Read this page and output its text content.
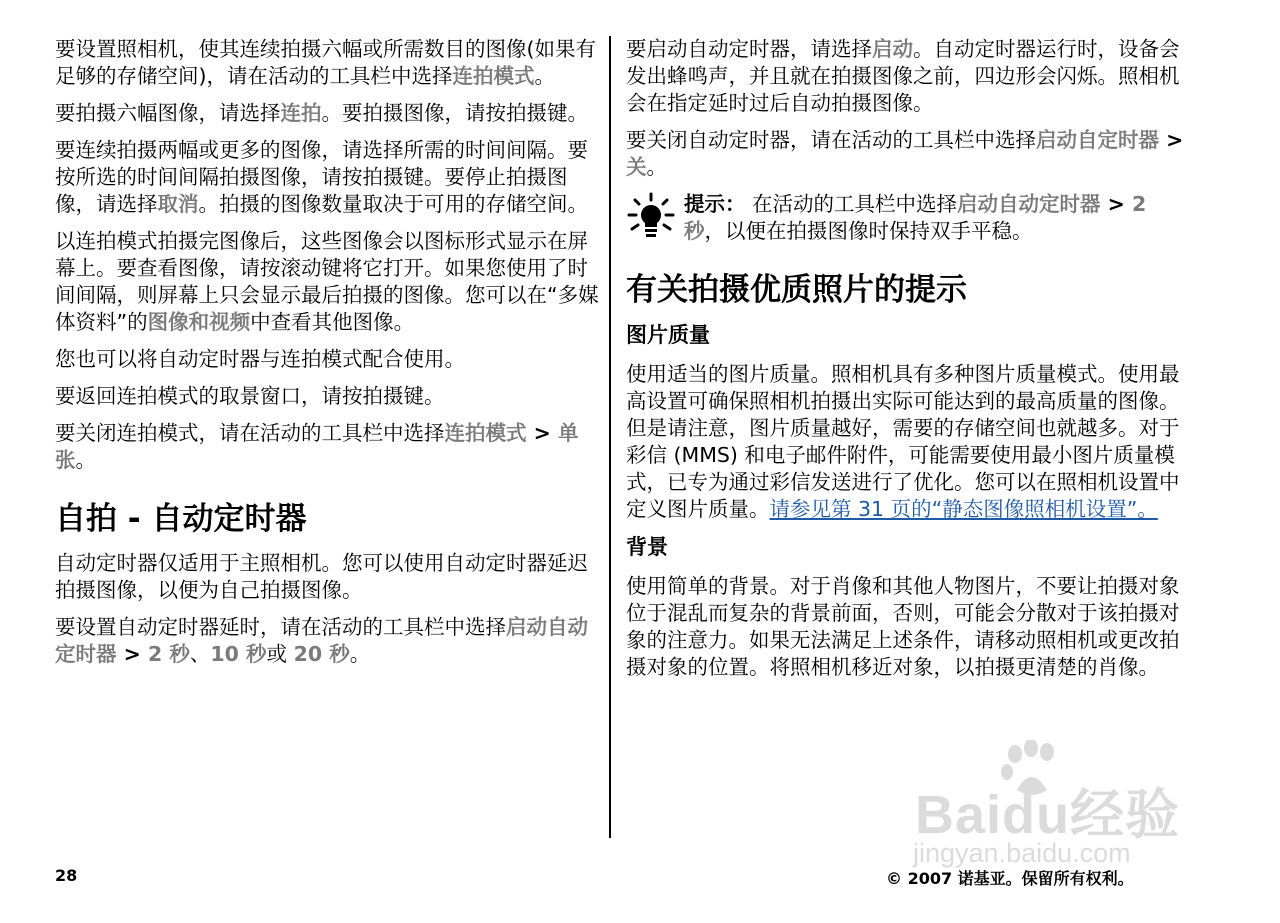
要设置照相机，使其连续拍摄六幅或所需数目的图像(如果有足够的存储空间)，请在活动的工具栏中选择连拍模式。

要拍摄六幅图像，请选择连拍。要拍摄图像，请按拍摄键。

要连续拍摄两幅或更多的图像，请选择所需的时间间隔。要按所选的时间间隔拍摄图像，请按拍摄键。要停止拍摄图像，请选择取消。拍摄的图像数量取决于可用的存储空间。

以连拍模式拍摄完图像后，这些图像会以图标形式显示在屏幕上。要查看图像，请按滚动键将它打开。如果您使用了时间间隔，则屏幕上只会显示最后拍摄的图像。您可以在“多媒体资料”的图像和视频中查看其他图像。

您也可以将自动定时器与连拍模式配合使用。

要返回连拍模式的取景窗口，请按拍摄键。

要关闭连拍模式，请在活动的工具栏中选择连拍模式 > 单张。

自拍 - 自动定时器

自动定时器仅适用于主照相机。您可以使用自动定时器延迟拍摄图像，以便为自己拍摄图像。

要设置自动定时器延时，请在活动的工具栏中选择启动自动定时器 > 2 秒、10 秒或 20 秒。

要启动自动定时器，请选择启动。自动定时器运行时，设备会发出蜂鸣声，并且就在拍摄图像之前，四边形会闪烁。照相机会在指定延时过后自动拍摄图像。

要关闭自动定时器，请在活动的工具栏中选择启动自定时器 > 关。

提示： 在活动的工具栏中选择启动自动定时器 > 2 秒，以便在拍摄图像时保持双手平稳。

有关拍摄优质照片的提示
图片质量

使用适当的图片质量。照相机具有多种图片质量模式。使用最高设置可确保照相机拍摄出实际可能达到的最高质量的图像。但是请注意，图片质量越好，需要的存储空间也就越多。对于彩信 (MMS) 和电子邮件附件，可能需要使用最小图片质量模式，已专为通过彩信发送进行了优化。您可以在照相机设置中定义图片质量。请参见第 31 页的“静态图像照相机设置”。

背景

使用简单的背景。对于肖像和其他人物图片，不要让拍摄对象位于混乱而复杂的背景前面，否则，可能会分散对于该拍摄对象的注意力。如果无法满足上述条件，请移动照相机或更改拍摄对象的位置。将照相机移近对象，以拍摄更清楚的肖像。

28	© 2007 诺基亚。保留所有权利。
Baidu经验
jingyan.baidu.com
